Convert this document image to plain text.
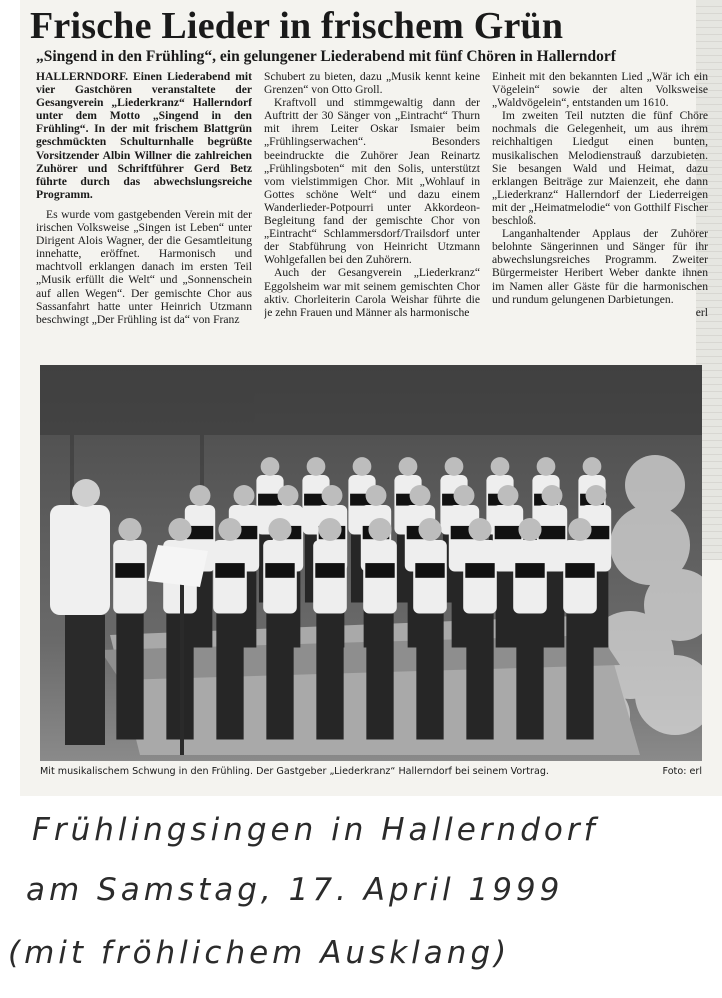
Frische Lieder in frischem Grün
„Singend in den Frühling“, ein gelungener Liederabend mit fünf Chören in Hallerndorf

HALLERNDORF. Einen Liederabend mit vier Gastchören veranstaltete der Gesangverein „Liederkranz“ Hallerndorf unter dem Motto „Singend in den Frühling“. In der mit frischem Blattgrün geschmückten Schulturnhalle begrüßte Vorsitzender Albin Willner die zahlreichen Zuhörer und Schriftführer Gerd Betz führte durch das abwechslungsreiche Programm.

Es wurde vom gastgebenden Verein mit der irischen Volksweise „Singen ist Leben“ unter Dirigent Alois Wagner, der die Gesamtleitung innehatte, eröffnet. Harmonisch und machtvoll erklangen danach im ersten Teil „Musik erfüllt die Welt“ und „Sonnenschein auf allen Wegen“. Der gemischte Chor aus Sassanfahrt hatte unter Heinrich Utzmann beschwingt „Der Frühling ist da“ von Franz

Schubert zu bieten, dazu „Musik kennt keine Grenzen“ von Otto Groll.

Kraftvoll und stimmgewaltig dann der Auftritt der 30 Sänger von „Eintracht“ Thurn mit ihrem Leiter Oskar Ismaier beim „Frühlingserwachen“. Besonders beeindruckte die Zuhörer Jean Reinartz „Frühlingsboten“ mit den Solis, unterstützt vom vielstimmigen Chor. Mit „Wohlauf in Gottes schöne Welt“ und dazu einem Wanderlieder-Potpourri unter Akkordeon-Begleitung fand der gemischte Chor von „Eintracht“ Schlammersdorf/Trailsdorf unter der Stabführung von Heinricht Utzmann Wohlgefallen bei den Zuhörern.

Auch der Gesangverein „Liederkranz“ Eggolsheim war mit seinem gemischten Chor aktiv. Chorleiterin Carola Weishar führte die je zehn Frauen und Männer als harmonische

Einheit mit den bekannten Lied „Wär ich ein Vögelein“ sowie der alten Volksweise „Waldvögelein“, entstanden um 1610.

Im zweiten Teil nutzten die fünf Chöre nochmals die Gelegenheit, um aus ihrem reichhaltigen Liedgut einen bunten, musikalischen Melodienstrauß darzubieten. Sie besangen Wald und Heimat, dazu erklangen Beiträge zur Maienzeit, ehe dann „Liederkranz“ Hallerndorf der Liederreigen mit der „Heimatmelodie“ von Gotthilf Fischer beschloß.

Langanhaltender Applaus der Zuhörer belohnte Sängerinnen und Sänger für ihr abwechslungsreiches Programm. Zweiter Bürgermeister Heribert Weber dankte ihnen im Namen aller Gäste für die harmonischen und rundum gelungenen Darbietungen.

erl

Mit musikalischem Schwung in den Frühling. Der Gastgeber „Liederkranz“ Hallerndorf bei seinem Vortrag.	Foto: erl

Frühlingsingen in Hallerndorf

am Samstag, 17. April 1999

(mit fröhlichem Ausklang)
